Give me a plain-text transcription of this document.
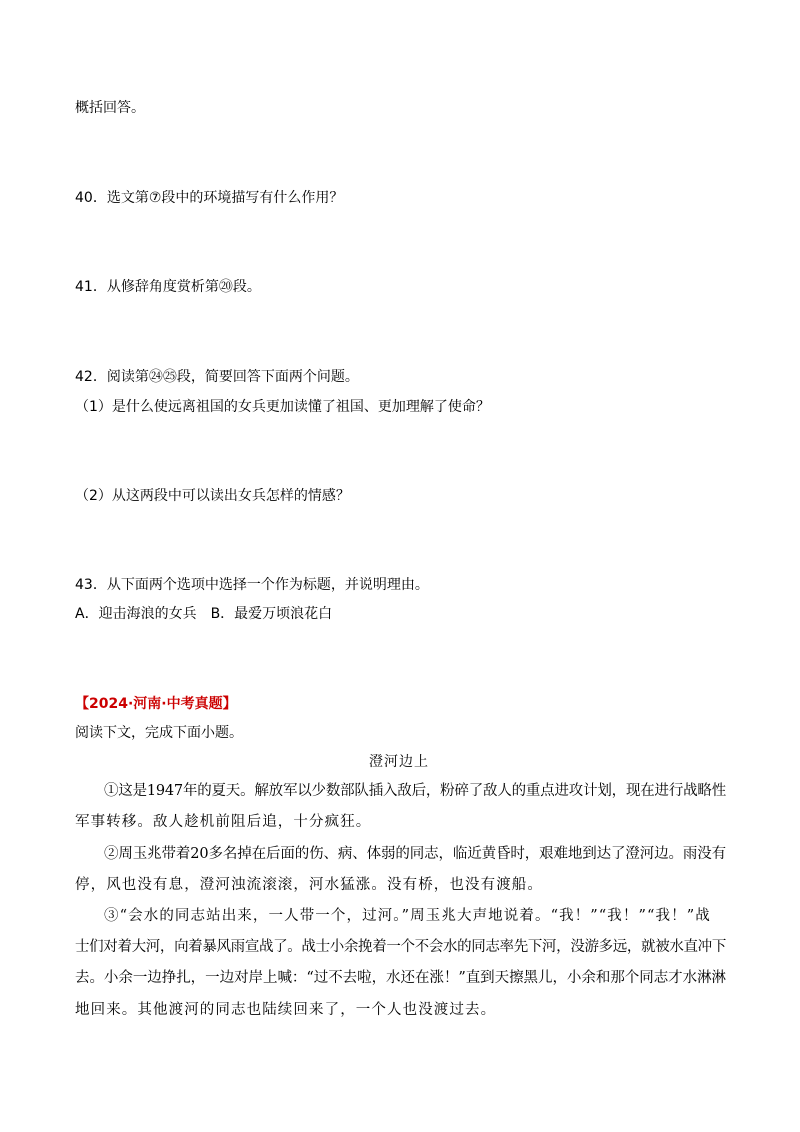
概括回答。
40．选文第⑦段中的环境描写有什么作用？
41．从修辞角度赏析第⑳段。
42．阅读第㉔㉕段，简要回答下面两个问题。
（1）是什么使远离祖国的女兵更加读懂了祖国、更加理解了使命？
（2）从这两段中可以读出女兵怎样的情感？
43．从下面两个选项中选择一个作为标题，并说明理由。
A．迎击海浪的女兵　B．最爱万顷浪花白
【2024·河南·中考真题】
阅读下文，完成下面小题。
澄河边上
①这是1947年的夏天。解放军以少数部队插入敌后，粉碎了敌人的重点进攻计划，现在进行战略性
军事转移。敌人趁机前阻后追，十分疯狂。
②周玉兆带着20多名掉在后面的伤、病、体弱的同志，临近黄昏时，艰难地到达了澄河边。雨没有
停，风也没有息，澄河浊流滚滚，河水猛涨。没有桥，也没有渡船。
③“会水的同志站出来，一人带一个，过河。”周玉兆大声地说着。“我！”“我！”“我！”战
士们对着大河，向着暴风雨宣战了。战士小余挽着一个不会水的同志率先下河，没游多远，就被水直冲下
去。小余一边挣扎，一边对岸上喊：“过不去啦，水还在涨！”直到天擦黑儿，小余和那个同志才水淋淋
地回来。其他渡河的同志也陆续回来了，一个人也没渡过去。
